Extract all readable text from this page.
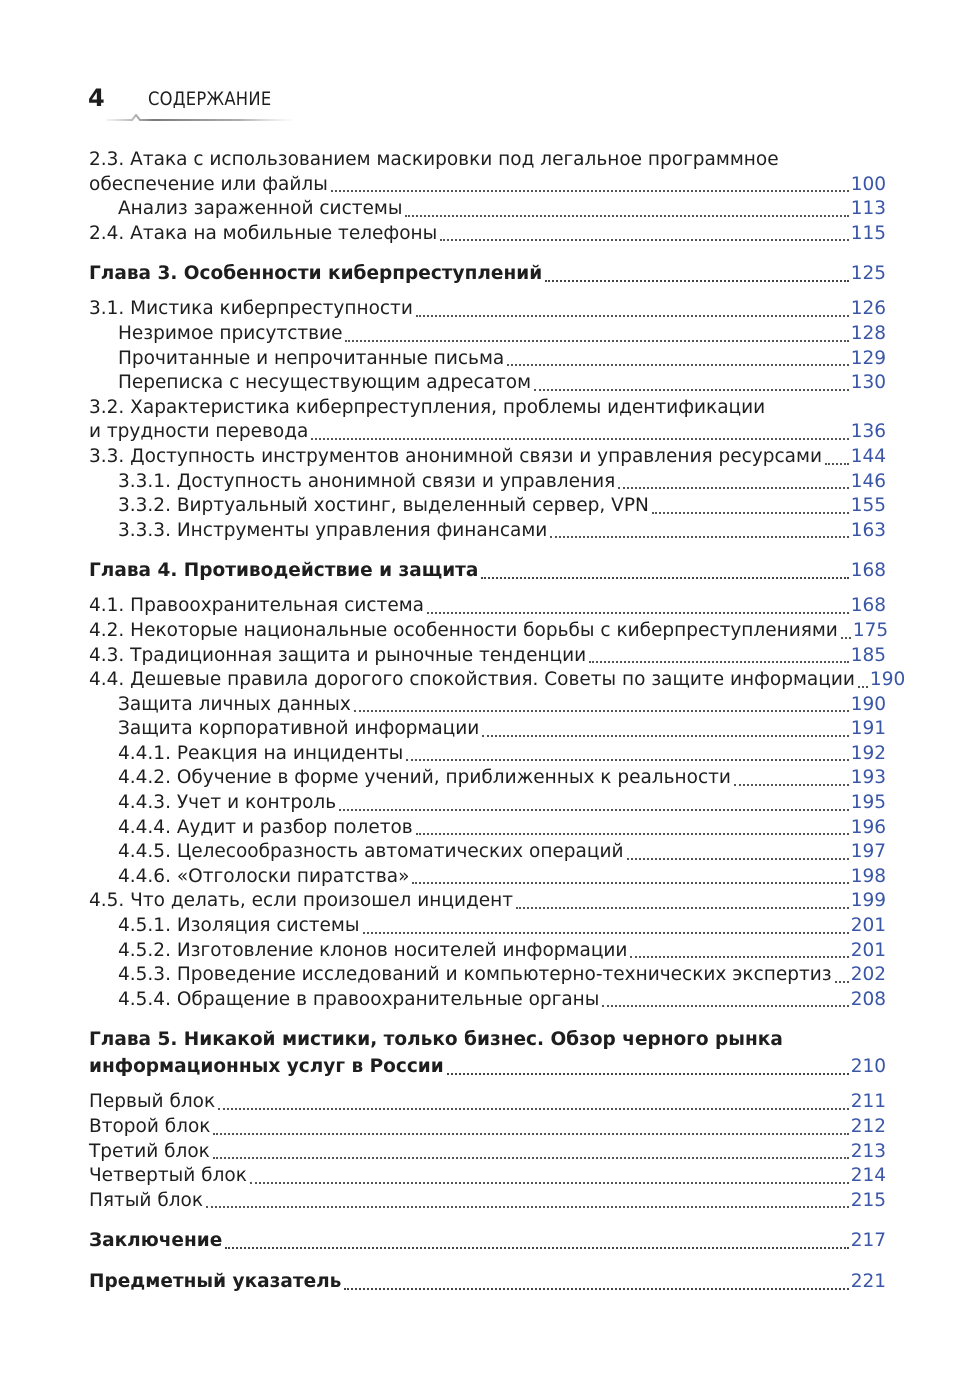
4 СОДЕРЖАНИЕ
2.3. Атака с использованием маскировки под легальное программное
обеспечение или файлы	100
Анализ зараженной системы	113
2.4. Атака на мобильные телефоны	115
Глава 3. Особенности киберпреступлений	125
3.1. Мистика киберпреступности	126
Незримое присутствие	128
Прочитанные и непрочитанные письма	129
Переписка с несуществующим адресатом	130
3.2. Характеристика киберпреступления, проблемы идентификации
и трудности перевода	136
3.3. Доступность инструментов анонимной связи и управления ресурсами 144
3.3.1. Доступность анонимной связи и управления	146
3.3.2. Виртуальный хостинг, выделенный сервер, VPN	155
3.3.3. Инструменты управления финансами	163
Глава 4. Противодействие и защита	168
4.1. Правоохранительная система	168
4.2. Некоторые национальные особенности борьбы с киберпреступлениями 175
4.3. Традиционная защита и рыночные тенденции	185
4.4. Дешевые правила дорогого спокойствия. Советы по защите информации 190
Защита личных данных	190
Защита корпоративной информации	191
4.4.1. Реакция на инциденты	192
4.4.2. Обучение в форме учений, приближенных к реальности	193
4.4.3. Учет и контроль	195
4.4.4. Аудит и разбор полетов	196
4.4.5. Целесообразность автоматических операций	197
4.4.6. «Отголоски пиратства»	198
4.5. Что делать, если произошел инцидент	199
4.5.1. Изоляция системы	201
4.5.2. Изготовление клонов носителей информации	201
4.5.3. Проведение исследований и компьютерно-технических экспертиз 202
4.5.4. Обращение в правоохранительные органы	208
Глава 5. Никакой мистики, только бизнес. Обзор черного рынка
информационных услуг в России	210
Первый блок	211
Второй блок	212
Третий блок	213
Четвертый блок	214
Пятый блок	215
Заключение	217
Предметный указатель	221
